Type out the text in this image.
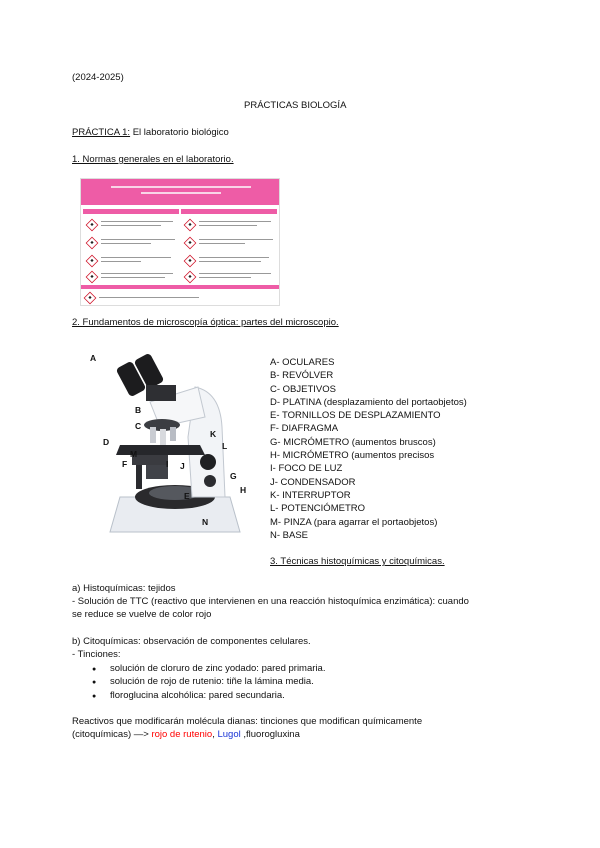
(2024-2025)
PRÁCTICAS BIOLOGÍA
PRÁCTICA 1: El laboratorio biológico
1. Normas generales en el laboratorio.
2. Fundamentos de microscopía óptica: partes del microscopio.
A
B
C
D
E
F
G
H
I J
K
L
M
N
A- OCULARES
B- REVÓLVER
C- OBJETIVOS
D- PLATINA (desplazamiento del portaobjetos)
E- TORNILLOS DE DESPLAZAMIENTO
F- DIAFRAGMA
G- MICRÓMETRO (aumentos bruscos)
H- MICRÓMETRO (aumentos precisos
I- FOCO DE LUZ
J- CONDENSADOR
K- INTERRUPTOR
L- POTENCIÓMETRO
M- PINZA (para agarrar el portaobjetos)
N- BASE
3. Técnicas histoquímicas y citoquímicas.
a) Histoquímicas: tejidos
- Solución de TTC (reactivo que intervienen en una reacción histoquímica enzimática): cuando
se reduce se vuelve de color rojo
b) Citoquímicas: observación de componentes celulares.
- Tinciones:
● solución de cloruro de zinc yodado: pared primaria.
● solución de rojo de rutenio: tiñe la lámina media.
● floroglucina alcohólica: pared secundaria.
Reactivos que modificarán molécula dianas: tinciones que modifican químicamente
(citoquímicas) —> rojo de rutenio, Lugol ,fluorogluxina
